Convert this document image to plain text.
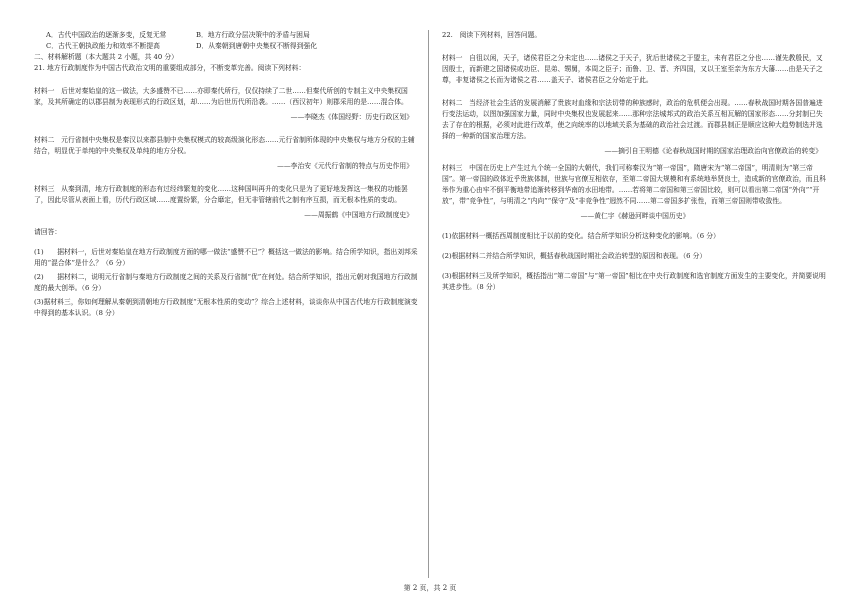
A．古代中国政治的逐渐多变，反复无常	B．地方行政分层决策中的矛盾与困局
C．古代王朝执政能力和效率不断提高	D．从秦朝到唐朝中央集权不断得到强化

二、材料解析题（本大题共 2 小题，共 40 分）

21. 地方行政制度作为中国古代政治文明的重要组成部分，不断变革完善。阅读下列材料：

材料一　后世对秦始皇的这一做法，大多盛赞不已……亦即秦代所行，仅仅持续了二世……但秦代所创的专制主义中央集权国家，及其所确定的以郡县制为表现形式的行政区划，却……为后世历代所沿袭。……（西汉初年）则郡采用的是……混合体。

——李晓杰《体国经野：历史行政区划》

材料二　元行省制中央集权是秦汉以来郡县制中央集权模式的较高级演化形态……元行省制所体现的中央集权与地方分权的主辅结合，明显优于单纯的中央集权及单纯的地方分权。

——李治安《元代行省制的特点与历史作用》

材料三　从秦到清，地方行政制度的形态有过经纬繁复的变化……这种国叫再升的变化只是为了更好地发挥这一集权的功能罢了，因此尽管从表面上看，历代行政区域……度置纷繁，分合靡定，但无非管辖前代之制有序互损，而无根本性质的变动。

——周振鹤《中国地方行政制度史》

请回答：

(1)　　据材料一，后世对秦始皇在地方行政制度方面的哪一做法“盛赞不已”？概括这一做法的影响。结合所学知识，指出刘邦采用的“混合体”是什么？（6 分）

(2)　　据材料二，说明元行省制与秦地方行政制度之间的关系及行省制“优”在何处。结合所学知识，指出元朝对我国地方行政制度的最大创举。（6 分）

(3)据材料三，你如何理解从秦朝到清朝地方行政制度“无根本性质的变动”？综合上述材料，谈谈你从中国古代地方行政制度演变中得到的基本认识。（8 分）

22.　阅读下列材料，回答问题。

材料一　自徂以闲，天子，诸侯君臣之分未定也……诸侯之于天子，犹后世诸侯之于盟主，未有君臣之分也……谨先教殷民，又因殷士，而新建之国诸侯或功臣、昆弟、甥舅，本周之臣子；而鲁、卫、晋、齐四国，又以王室至亲为东方大藩……由是天子之尊，非复诸侯之长而为诸侯之君……盖天子、诸侯君臣之分始定于此。

材料二　当经济社会生活的发展消解了贵族对血缘和宗法切带的种族感时，政治的危机便会出现。……春秋战国时期各国普遍进行变法运动，以图加强国家力量，同时中央集权也发展起来……那种宗法城邦式的政治关系互相瓦解的国家形态……分封制已失去了存在的根据，必须对此进行改革，使之向统率的以地域关系为基础的政治社会过渡。而郡县制正是顺应这种大趋势制选并选择的一种新的国家治理方法。

——摘引自王明德《论春秋战国时期的国家治理政治向官僚政治的转变》

材料三　中国在历史上产生过九个统一全国的大朝代，我们可称秦汉为“第一帝国”，隋唐宋为“第二帝国”，明清则为“第三帝国”。第一帝国的政体近乎贵族体制，世族与官僚互相依存，至第二帝国大规模和有系统地举贤良士，造成新的官僚政治，而且科举作为重心由牢不倒平衡地带追渐转移到华南的水田地带。……若将第二帝国和第三帝国比较，则可以看出第二帝国“外向”“开放”，带“竞争性”，与明清之“内向”“保守”及“非竞争性”迥然不同……第二帝国多扩张性，而第三帝国则带收敛性。

——黄仁宇《赫逊河畔谈中国历史》

(1)依据材料一概括西周制度相比于以前的变化。结合所学知识分析这种变化的影响。（6 分）

(2)根据材料二并结合所学知识，概括春秋战国时期社会政治转型的原因和表现。（6 分）

(3)根据材料三及所学知识，概括指出“第二帝国”与“第一帝国”相比在中央行政制度和选官制度方面发生的主要变化，并简要说明其进步性。（8 分）

第 2 页，共 2 页
